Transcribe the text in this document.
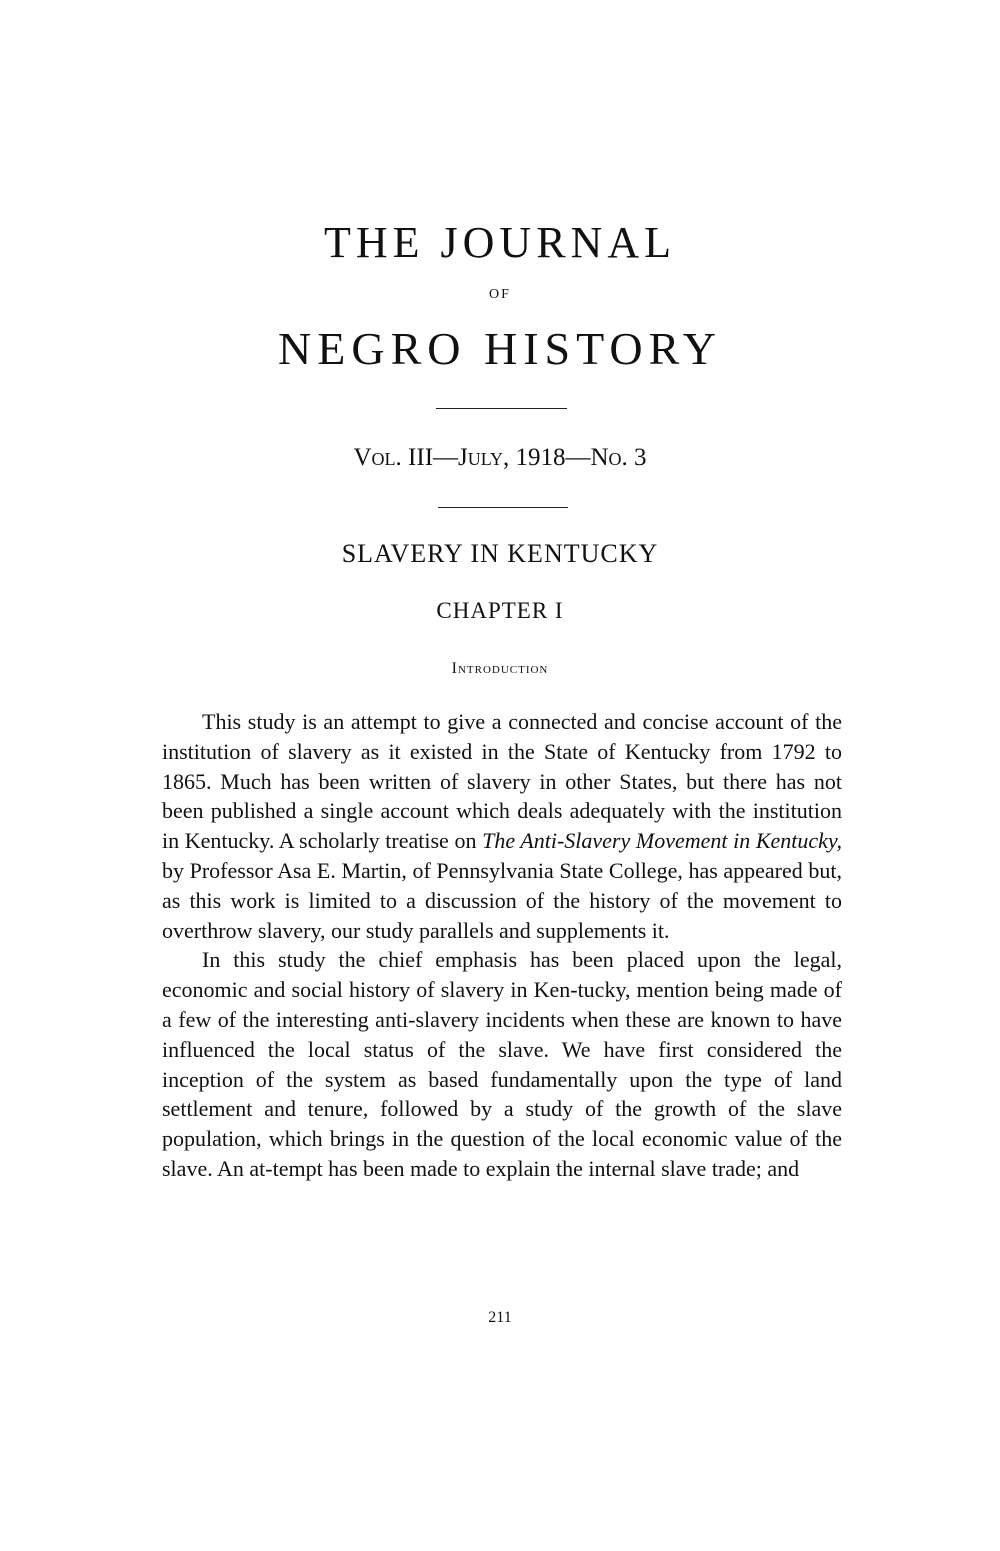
THE JOURNAL
OF
NEGRO HISTORY
Vol. III—July, 1918—No. 3
SLAVERY IN KENTUCKY
CHAPTER I
Introduction

This study is an attempt to give a connected and concise account of the institution of slavery as it existed in the State of Kentucky from 1792 to 1865. Much has been written of slavery in other States, but there has not been published a single account which deals adequately with the institution in Kentucky. A scholarly treatise on The Anti-Slavery Movement in Kentucky, by Professor Asa E. Martin, of Pennsylvania State College, has appeared but, as this work is limited to a discussion of the history of the movement to overthrow slavery, our study parallels and supplements it.

In this study the chief emphasis has been placed upon the legal, economic and social history of slavery in Ken-tucky, mention being made of a few of the interesting anti-slavery incidents when these are known to have influenced the local status of the slave. We have first considered the inception of the system as based fundamentally upon the type of land settlement and tenure, followed by a study of the growth of the slave population, which brings in the question of the local economic value of the slave. An at-tempt has been made to explain the internal slave trade; and

211
